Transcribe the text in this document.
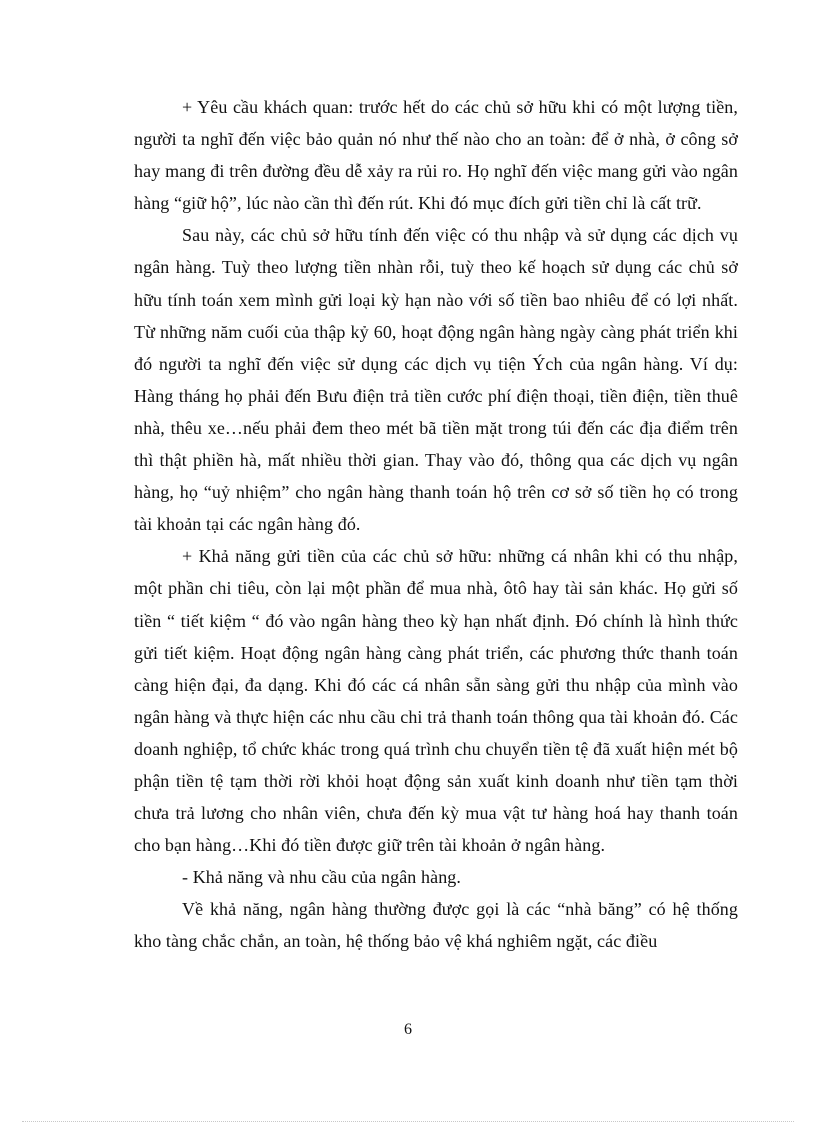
+ Yêu cầu khách quan: trước hết do các chủ sở hữu khi có một lượng tiền, người ta nghĩ đến việc bảo quản nó như thế nào cho an toàn: để ở nhà, ở công sở hay mang đi trên đường đều dễ xảy ra rủi ro. Họ nghĩ đến việc mang gửi vào ngân hàng “giữ hộ”, lúc nào cần thì đến rút. Khi đó mục đích gửi tiền chỉ là cất trữ.

Sau này, các chủ sở hữu tính đến việc có thu nhập và sử dụng các dịch vụ ngân hàng. Tuỳ theo lượng tiền nhàn rỗi, tuỳ theo kế hoạch sử dụng các chủ sở hữu tính toán xem mình gửi loại kỳ hạn nào với số tiền bao nhiêu để có lợi nhất. Từ những năm cuối của thập kỷ 60, hoạt động ngân hàng ngày càng phát triển khi đó người ta nghĩ đến việc sử dụng các dịch vụ tiện Ých của ngân hàng. Ví dụ: Hàng tháng họ phải đến Bưu điện trả tiền cước phí điện thoại, tiền điện, tiền thuê nhà, thêu xe…nếu phải đem theo mét bã tiền mặt trong túi đến các địa điểm trên thì thật phiền hà, mất nhiều thời gian. Thay vào đó, thông qua các dịch vụ ngân hàng, họ “uỷ nhiệm” cho ngân hàng thanh toán hộ trên cơ sở số tiền họ có trong tài khoản tại các ngân hàng đó.

+ Khả năng gửi tiền của các chủ sở hữu: những cá nhân khi có thu nhập, một phần chi tiêu, còn lại một phần để mua nhà, ôtô hay tài sản khác. Họ gửi số tiền “ tiết kiệm “ đó vào ngân hàng theo kỳ hạn nhất định. Đó chính là hình thức gửi tiết kiệm. Hoạt động ngân hàng càng phát triển, các phương thức thanh toán càng hiện đại, đa dạng. Khi đó các cá nhân sẵn sàng gửi thu nhập của mình vào ngân hàng và thực hiện các nhu cầu chi trả thanh toán thông qua tài khoản đó. Các doanh nghiệp, tổ chức khác trong quá trình chu chuyển tiền tệ đã xuất hiện mét bộ phận tiền tệ tạm thời rời khỏi hoạt động sản xuất kinh doanh như tiền tạm thời chưa trả lương cho nhân viên, chưa đến kỳ mua vật tư hàng hoá hay thanh toán cho bạn hàng…Khi đó tiền được giữ trên tài khoản ở ngân hàng.

- Khả năng và nhu cầu của ngân hàng.

Về khả năng, ngân hàng thường được gọi là các “nhà băng” có hệ thống kho tàng chắc chắn, an toàn, hệ thống bảo vệ khá nghiêm ngặt, các điều

6
